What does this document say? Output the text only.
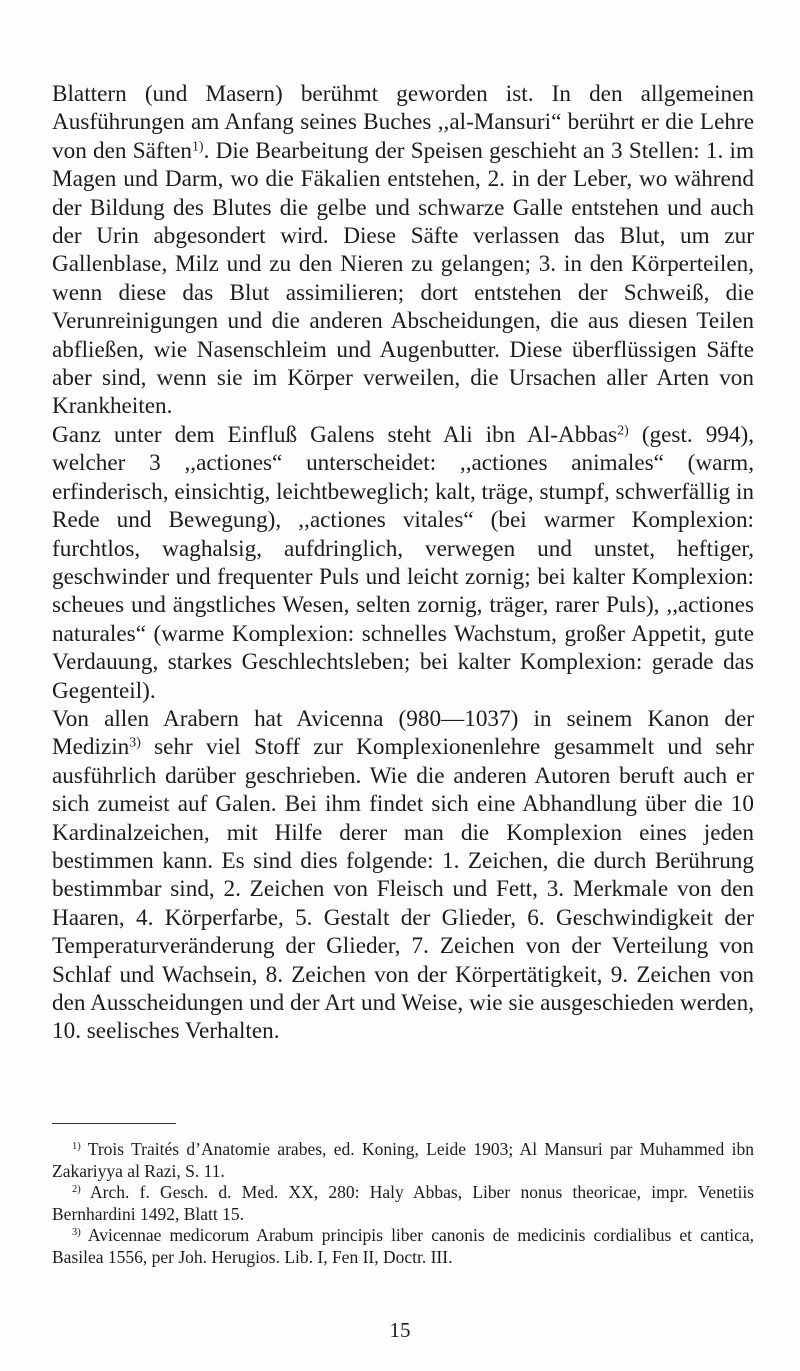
Blattern (und Masern) berühmt geworden ist. In den allgemeinen Ausführungen am Anfang seines Buches ,,al-Mansuri“ berührt er die Lehre von den Säften$^{1)}$. Die Bearbeitung der Speisen geschieht an 3 Stellen: 1. im Magen und Darm, wo die Fäkalien entstehen, 2. in der Leber, wo während der Bildung des Blutes die gelbe und schwarze Galle entstehen und auch der Urin abgesondert wird. Diese Säfte verlassen das Blut, um zur Gallenblase, Milz und zu den Nieren zu gelangen; 3. in den Körperteilen, wenn diese das Blut assimilieren; dort entstehen der Schweiß, die Verunreinigungen und die anderen Abscheidungen, die aus diesen Teilen abfließen, wie Nasenschleim und Augenbutter. Diese überflüssigen Säfte aber sind, wenn sie im Körper verweilen, die Ursachen aller Arten von Krankheiten.

Ganz unter dem Einfluß Galens steht Ali ibn Al-Abbas$^{2)}$ (gest. 994), welcher 3 ,,actiones“ unterscheidet: ,,actiones animales“ (warm, erfinderisch, einsichtig, leichtbeweglich; kalt, träge, stumpf, schwerfällig in Rede und Bewegung), ,,actiones vitales“ (bei warmer Komplexion: furchtlos, waghalsig, aufdringlich, verwegen und unstet, heftiger, geschwinder und frequenter Puls und leicht zornig; bei kalter Komplexion: scheues und ängstliches Wesen, selten zornig, träger, rarer Puls), ,,actiones naturales“ (warme Komplexion: schnelles Wachstum, großer Appetit, gute Verdauung, starkes Geschlechtsleben; bei kalter Komplexion: gerade das Gegenteil).

Von allen Arabern hat Avicenna (980—1037) in seinem Kanon der Medizin$^{3)}$ sehr viel Stoff zur Komplexionenlehre gesammelt und sehr ausführlich darüber geschrieben. Wie die anderen Autoren beruft auch er sich zumeist auf Galen. Bei ihm findet sich eine Abhandlung über die 10 Kardinalzeichen, mit Hilfe derer man die Komplexion eines jeden bestimmen kann. Es sind dies folgende: 1. Zeichen, die durch Berührung bestimmbar sind, 2. Zeichen von Fleisch und Fett, 3. Merkmale von den Haaren, 4. Körperfarbe, 5. Gestalt der Glieder, 6. Geschwindigkeit der Temperaturveränderung der Glieder, 7. Zeichen von der Verteilung von Schlaf und Wachsein, 8. Zeichen von der Körpertätigkeit, 9. Zeichen von den Ausscheidungen und der Art und Weise, wie sie ausgeschieden werden, 10. seelisches Verhalten.

$^{1)}$ Trois Traités d’Anatomie arabes, ed. Koning, Leide 1903; Al Mansuri par Muhammed ibn Zakariyya al Razi, S. 11.

$^{2)}$ Arch. f. Gesch. d. Med. XX, 280: Haly Abbas, Liber nonus theoricae, impr. Venetiis Bernhardini 1492, Blatt 15.

$^{3)}$ Avicennae medicorum Arabum principis liber canonis de medicinis cordialibus et cantica, Basilea 1556, per Joh. Herugios. Lib. I, Fen II, Doctr. III.

15
